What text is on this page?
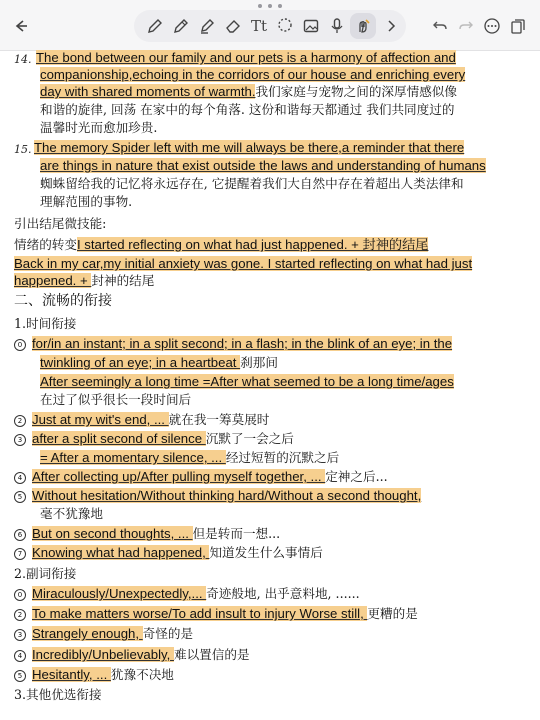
Tt
14. The bond between our family and our pets is a harmony of affection and
companionship,echoing in the corridors of our house and enriching every
day with shared moments of warmth.我们家庭与宠物之间的深厚情感似像
和谐的旋律, 回荡 在家中的每个角落. 这份和谐每天都通过 我们共同度过的
温馨时光而愈加珍贵.
15. The memory Spider left with me will always be there,a reminder that there
are things in nature that exist outside the laws and understanding of humans
蜘蛛留给我的记忆将永远存在, 它提醒着我们大自然中存在着超出人类法律和
理解范围的事物.
引出结尾微技能:
情绪的转变I started reflecting on what had just happened. + 封神的结尾
Back in my car,my initial anxiety was gone. I started reflecting on what had just
happened. + 封神的结尾
二、流畅的衔接
1.时间衔接
0 for/in an instant; in a split second; in a flash; in the blink of an eye; in the
twinkling of an eye; in a heartbeat 刹那间
After seemingly a long time =After what seemed to be a long time/ages
在过了似乎很长一段时间后
2 Just at my wit's end, ... 就在我一筹莫展时
3 after a split second of silence 沉默了一会之后
= After a momentary silence, ... 经过短暂的沉默之后
4 After collecting up/After pulling myself together, ... 定神之后...
5 Without hesitation/Without thinking hard/Without a second thought,
毫不犹豫地
6 But on second thoughts, ... 但是转而一想...
7 Knowing what had happened, 知道发生什么事情后
2.副词衔接
0 Miraculously/Unexpectedly,... 奇迹般地, 出乎意料地, ......
2 To make matters worse/To add insult to injury Worse still, 更糟的是
3 Strangely enough, 奇怪的是
4 Incredibly/Unbelievably, 难以置信的是
5 Hesitantly, ... 犹豫不决地
3.其他优选衔接
